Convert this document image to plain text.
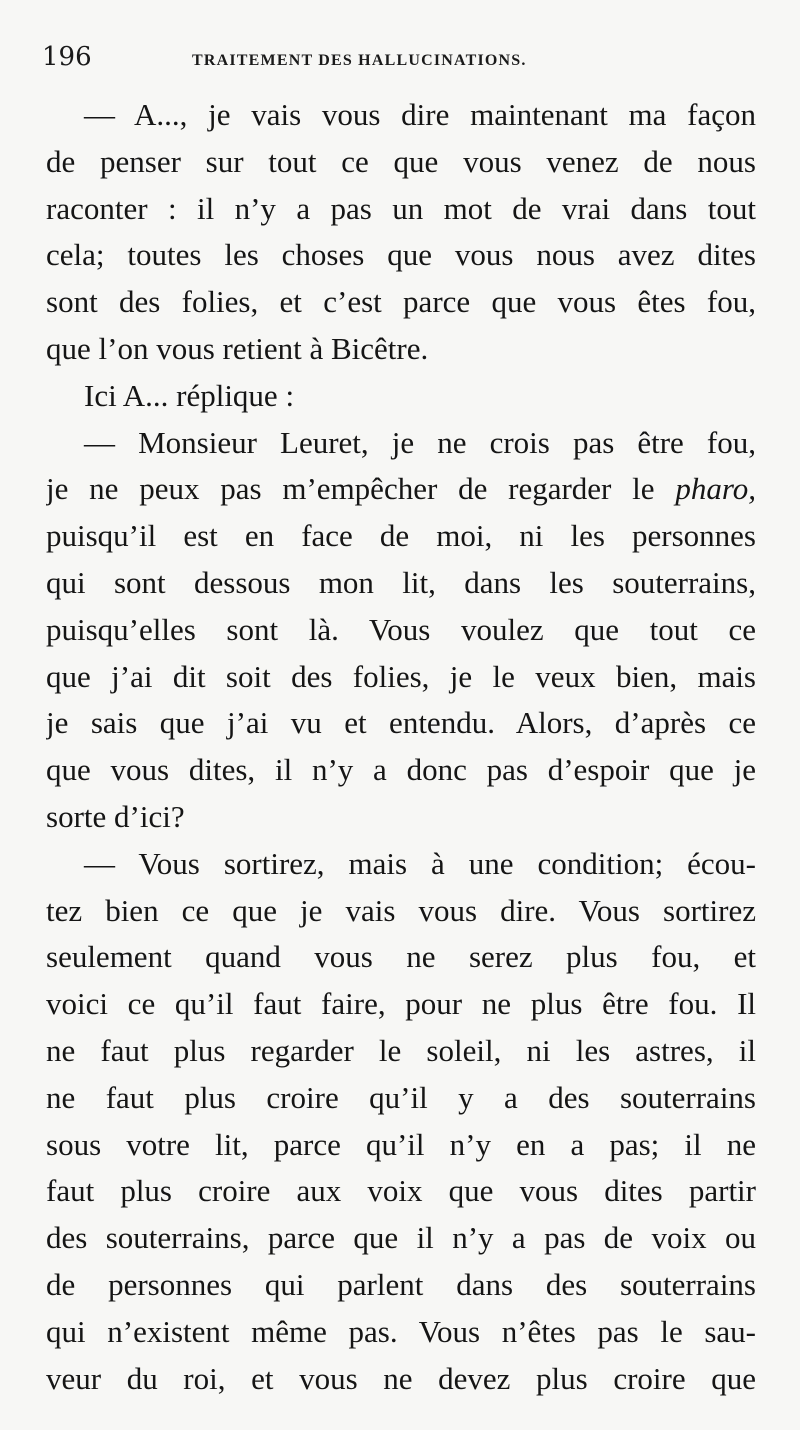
196	TRAITEMENT DES HALLUCINATIONS.
— A..., je vais vous dire maintenant ma façon
de penser sur tout ce que vous venez de nous
raconter : il n’y a pas un mot de vrai dans tout
cela; toutes les choses que vous nous avez dites
sont des folies, et c’est parce que vous êtes fou,
que l’on vous retient à Bicêtre.
Ici A... réplique :
— Monsieur Leuret, je ne crois pas être fou,
je ne peux pas m’empêcher de regarder le pharo,
puisqu’il est en face de moi, ni les personnes
qui sont dessous mon lit, dans les souterrains,
puisqu’elles sont là. Vous voulez que tout ce
que j’ai dit soit des folies, je le veux bien, mais
je sais que j’ai vu et entendu. Alors, d’après ce
que vous dites, il n’y a donc pas d’espoir que je
sorte d’ici?
— Vous sortirez, mais à une condition; écou-
tez bien ce que je vais vous dire. Vous sortirez
seulement quand vous ne serez plus fou, et
voici ce qu’il faut faire, pour ne plus être fou. Il
ne faut plus regarder le soleil, ni les astres, il
ne faut plus croire qu’il y a des souterrains
sous votre lit, parce qu’il n’y en a pas; il ne
faut plus croire aux voix que vous dites partir
des souterrains, parce que il n’y a pas de voix ou
de personnes qui parlent dans des souterrains
qui n’existent même pas. Vous n’êtes pas le sau-
veur du roi, et vous ne devez plus croire que
